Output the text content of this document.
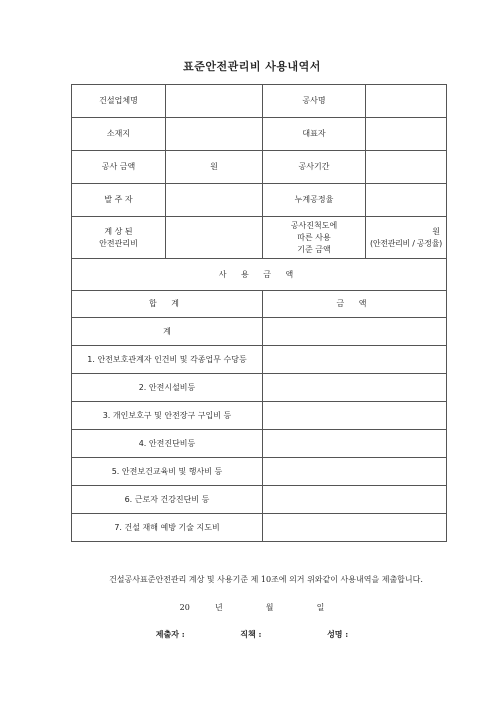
표준안전관리비 사용내역서
건설업체명		공사명	
소재지		대표자	
공사 금액	원	공사기간	
발 주 자		누계공정율	

계 상 된
안전관리비		공사진척도에
따른 사용
기준 금액	원
(안전관리비 / 공정율)

사 용 금 액			
합 계		금 액	
계			
1. 안전보호관계자 인건비 및 각종업무 수당등			
2. 안전시설비등			
3. 개인보호구 및 안전장구 구입비 등			
4. 안전진단비등			
5. 안전보건교육비 및 행사비 등			
6. 근로자 건강진단비 등			
7. 건설 재해 예방 기술 지도비			
건설공사표준안전관리 계상 및 사용기준 제 10조에 의거 위와같이 사용내역을 제출합니다.
20	년	월	일
제출자 :	직책 :	성명 :
